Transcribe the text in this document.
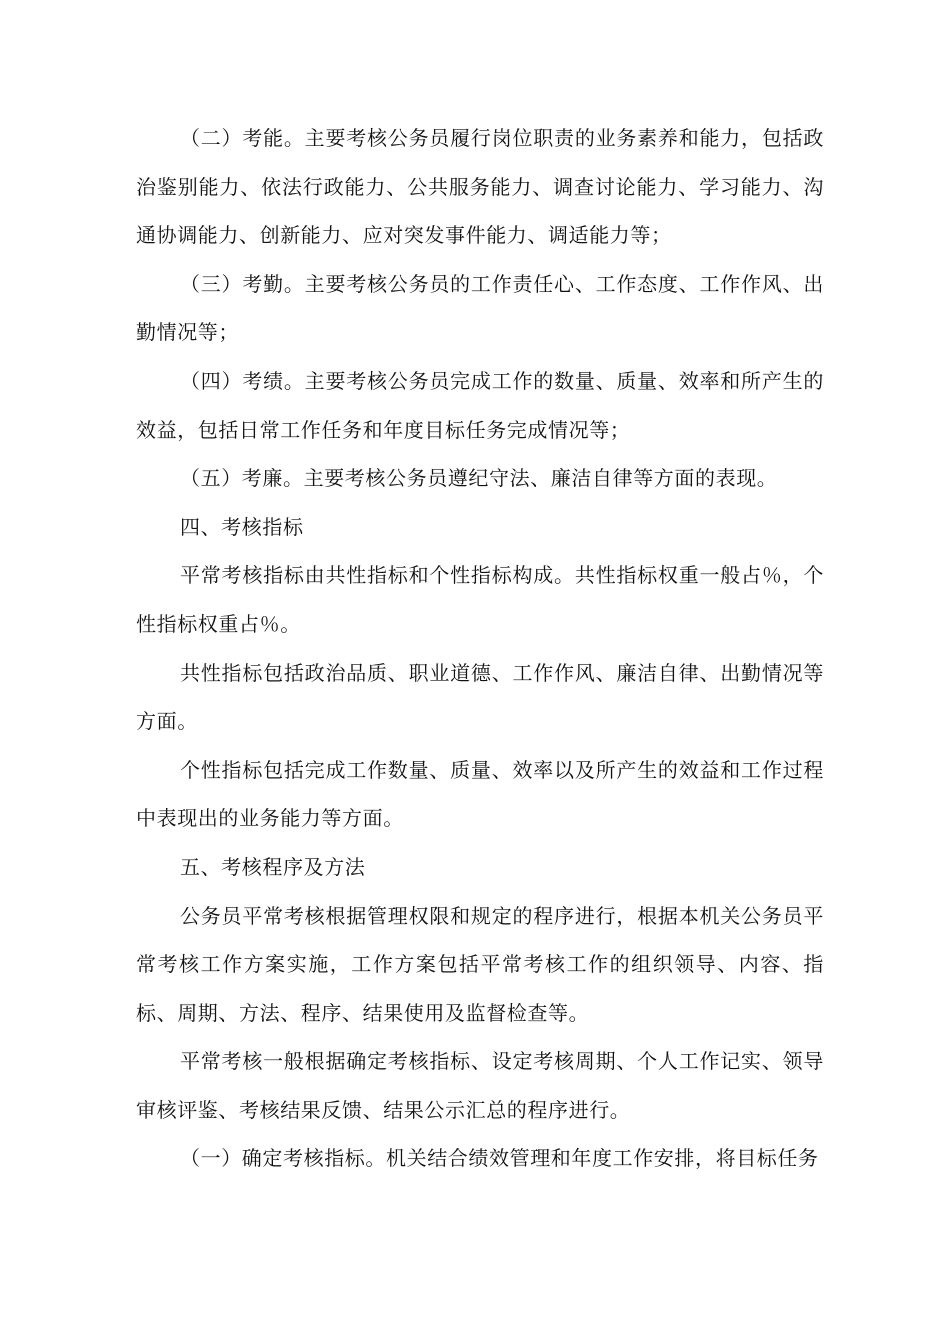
（二）考能。主要考核公务员履行岗位职责的业务素养和能力，包括政治鉴别能力、依法行政能力、公共服务能力、调查讨论能力、学习能力、沟通协调能力、创新能力、应对突发事件能力、调适能力等；

（三）考勤。主要考核公务员的工作责任心、工作态度、工作作风、出勤情况等；

（四）考绩。主要考核公务员完成工作的数量、质量、效率和所产生的效益，包括日常工作任务和年度目标任务完成情况等；

（五）考廉。主要考核公务员遵纪守法、廉洁自律等方面的表现。

四、考核指标

平常考核指标由共性指标和个性指标构成。共性指标权重一般占％，个性指标权重占％。

共性指标包括政治品质、职业道德、工作作风、廉洁自律、出勤情况等方面。

个性指标包括完成工作数量、质量、效率以及所产生的效益和工作过程中表现出的业务能力等方面。

五、考核程序及方法

公务员平常考核根据管理权限和规定的程序进行，根据本机关公务员平常考核工作方案实施，工作方案包括平常考核工作的组织领导、内容、指标、周期、方法、程序、结果使用及监督检查等。

平常考核一般根据确定考核指标、设定考核周期、个人工作记实、领导审核评鉴、考核结果反馈、结果公示汇总的程序进行。

（一）确定考核指标。机关结合绩效管理和年度工作安排，将目标任务
